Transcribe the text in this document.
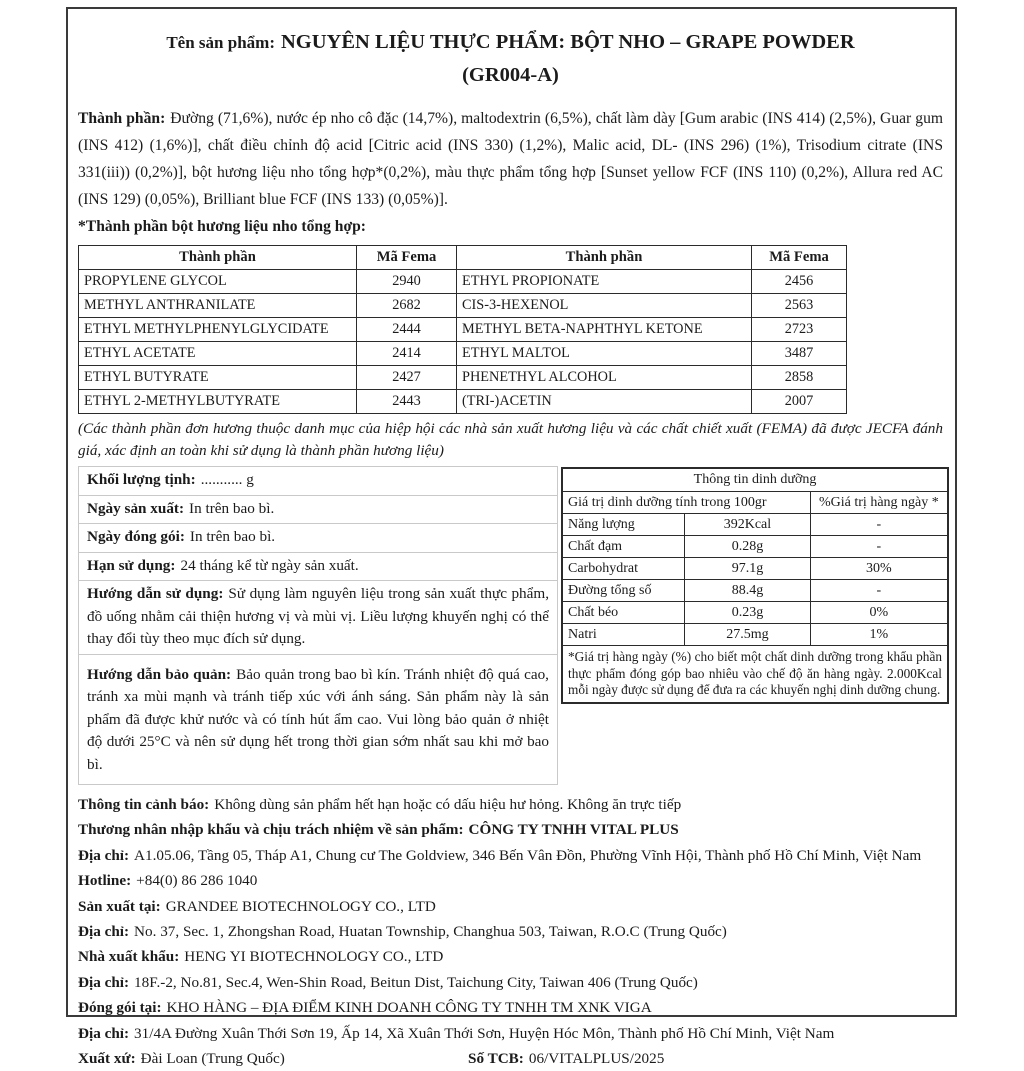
Tên sản phẩm: NGUYÊN LIỆU THỰC PHẨM: BỘT NHO – GRAPE POWDER
(GR004-A)
Thành phần: Đường (71,6%), nước ép nho cô đặc (14,7%), maltodextrin (6,5%), chất làm dày [Gum arabic (INS 414) (2,5%), Guar gum (INS 412) (1,6%)], chất điều chỉnh độ acid [Citric acid (INS 330) (1,2%), Malic acid, DL- (INS 296) (1%), Trisodium citrate (INS 331(iii)) (0,2%)], bột hương liệu nho tổng hợp*(0,2%), màu thực phẩm tổng hợp [Sunset yellow FCF (INS 110) (0,2%), Allura red AC (INS 129) (0,05%), Brilliant blue FCF (INS 133) (0,05%)].
*Thành phần bột hương liệu nho tổng hợp:
Thành phần	Mã Fema	Thành phần	Mã Fema
PROPYLENE GLYCOL	2940	ETHYL PROPIONATE	2456
METHYL ANTHRANILATE	2682	CIS-3-HEXENOL	2563
ETHYL METHYLPHENYLGLYCIDATE	2444	METHYL BETA-NAPHTHYL KETONE	2723
ETHYL ACETATE	2414	ETHYL MALTOL	3487
ETHYL BUTYRATE	2427	PHENETHYL ALCOHOL	2858
ETHYL 2-METHYLBUTYRATE	2443	(TRI-)ACETIN	2007
(Các thành phần đơn hương thuộc danh mục của hiệp hội các nhà sản xuất hương liệu và các chất chiết xuất (FEMA) đã được JECFA đánh giá, xác định an toàn khi sử dụng là thành phần hương liệu)
Khối lượng tịnh: ........... g
Ngày sản xuất: In trên bao bì.
Ngày đóng gói: In trên bao bì.
Hạn sử dụng: 24 tháng kể từ ngày sản xuất.
Hướng dẫn sử dụng: Sử dụng làm nguyên liệu trong sản xuất thực phẩm, đồ uống nhằm cải thiện hương vị và mùi vị. Liều lượng khuyến nghị có thể thay đổi tùy theo mục đích sử dụng.
Hướng dẫn bảo quản: Bảo quản trong bao bì kín. Tránh nhiệt độ quá cao, tránh xa mùi mạnh và tránh tiếp xúc với ánh sáng. Sản phẩm này là sản phẩm đã được khử nước và có tính hút ẩm cao. Vui lòng bảo quản ở nhiệt độ dưới 25°C và nên sử dụng hết trong thời gian sớm nhất sau khi mở bao bì.
Thông tin dinh dưỡng		
Giá trị dinh dưỡng tính trong 100gr		%Giá trị hàng ngày *
Năng lượng	392Kcal	-
Chất đạm	0.28g	-
Carbohydrat	97.1g	30%
Đường tổng số	88.4g	-
Chất béo	0.23g	0%
Natri	27.5mg	1%
*Giá trị hàng ngày (%) cho biết một chất dinh dưỡng trong khẩu phần thực phẩm đóng góp bao nhiêu vào chế độ ăn hàng ngày. 2.000Kcal mỗi ngày được sử dụng để đưa ra các khuyến nghị dinh dưỡng chung.		
Thông tin cảnh báo: Không dùng sản phẩm hết hạn hoặc có dấu hiệu hư hỏng. Không ăn trực tiếp
Thương nhân nhập khẩu và chịu trách nhiệm về sản phẩm: CÔNG TY TNHH VITAL PLUS
Địa chỉ: A1.05.06, Tầng 05, Tháp A1, Chung cư The Goldview, 346 Bến Vân Đồn, Phường Vĩnh Hội, Thành phố Hồ Chí Minh, Việt Nam
Hotline: +84(0) 86 286 1040
Sản xuất tại: GRANDEE BIOTECHNOLOGY CO., LTD
Địa chỉ: No. 37, Sec. 1, Zhongshan Road, Huatan Township, Changhua 503, Taiwan, R.O.C (Trung Quốc)
Nhà xuất khẩu: HENG YI BIOTECHNOLOGY CO., LTD
Địa chỉ: 18F.-2, No.81, Sec.4, Wen-Shin Road, Beitun Dist, Taichung City, Taiwan 406 (Trung Quốc)
Đóng gói tại: KHO HÀNG – ĐỊA ĐIỂM KINH DOANH CÔNG TY TNHH TM XNK VIGA
Địa chỉ: 31/4A Đường Xuân Thới Sơn 19, Ấp 14, Xã Xuân Thới Sơn, Huyện Hóc Môn, Thành phố Hồ Chí Minh, Việt Nam
Xuất xứ: Đài Loan (Trung Quốc)	Số TCB: 06/VITALPLUS/2025
